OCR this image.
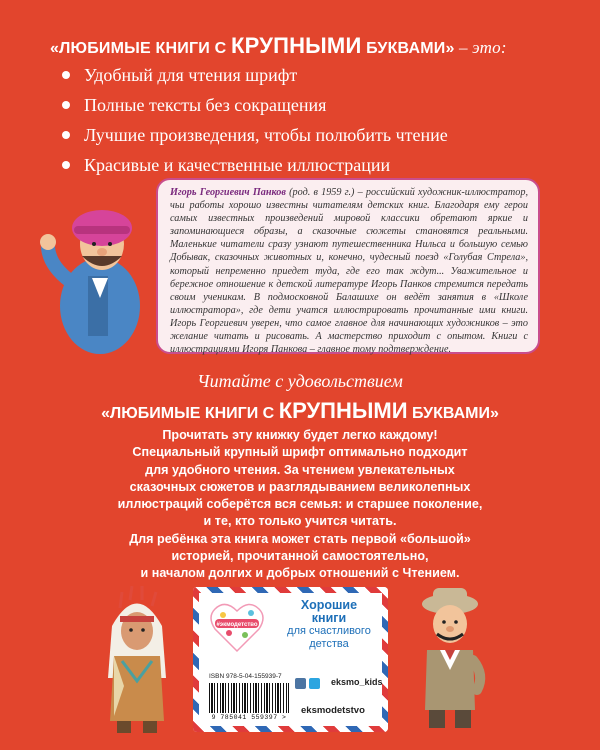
«ЛЮБИМЫЕ КНИГИ С КРУПНЫМИ БУКВАМИ» – это:
Удобный для чтения шрифт
Полные тексты без сокращения
Лучшие произведения, чтобы полюбить чтение
Красивые и качественные иллюстрации
Игорь Георгиевич Панков (род. в 1959 г.) – российский художник-иллюстратор, чьи работы хорошо известны читателям детских книг. Благодаря ему герои самых известных произведений мировой классики обретают яркие и запоминающиеся образы, а сказочные сюжеты становятся реальными. Маленькие читатели сразу узнают путешественника Нильса и большую семью Добывак, сказочных животных и, конечно, чудесный поезд «Голубая Стрела», который непременно приедет туда, где его так ждут... Уважительное и бережное отношение к детской литературе Игорь Панков стремится передать своим ученикам. В подмосковной Балашихе он ведёт занятия в «Школе иллюстратора», где дети учатся иллюстрировать прочитанные ими книги. Игорь Георгиевич уверен, что самое главное для начинающих художников – это желание читать и рисовать. А мастерство приходит с опытом. Книги с иллюстрациями Игоря Панкова – главное тому подтверждение.
Читайте с удовольствием
«ЛЮБИМЫЕ КНИГИ С КРУПНЫМИ БУКВАМИ»

Прочитать эту книжку будет легко каждому!

Специальный крупный шрифт оптимально подходит

для удобного чтения. За чтением увлекательных

сказочных сюжетов и разглядыванием великолепных

иллюстраций соберётся вся семья: и старшее поколение,

и те, кто только учится читать.

Для ребёнка эта книга может стать первой «большой»

историей, прочитанной самостоятельно,

и началом долгих и добрых отношений с Чтением.

#экмодетство
Хорошие
книги
для счастливого
детства
ISBN 978-5-04-155939-7
9 785041 559397 >
eksmo_kids
eksmodetstvo
